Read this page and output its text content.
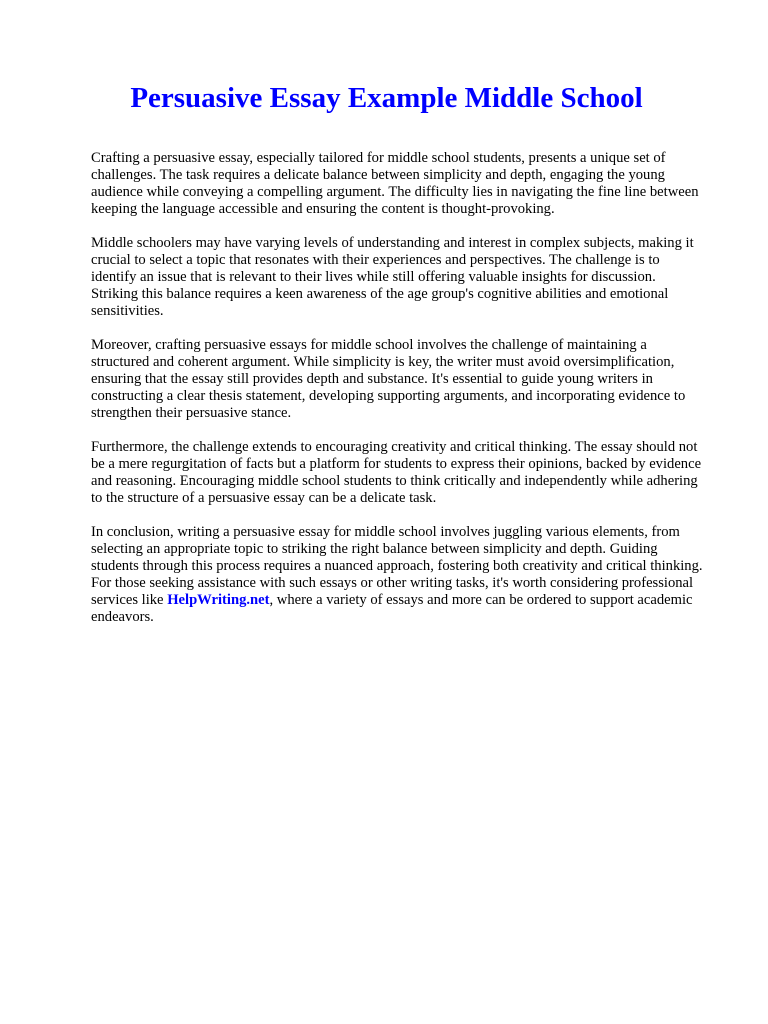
Persuasive Essay Example Middle School

Crafting a persuasive essay, especially tailored for middle school students, presents a unique set of challenges. The task requires a delicate balance between simplicity and depth, engaging the young audience while conveying a compelling argument. The difficulty lies in navigating the fine line between keeping the language accessible and ensuring the content is thought-provoking.

Middle schoolers may have varying levels of understanding and interest in complex subjects, making it crucial to select a topic that resonates with their experiences and perspectives. The challenge is to identify an issue that is relevant to their lives while still offering valuable insights for discussion. Striking this balance requires a keen awareness of the age group's cognitive abilities and emotional sensitivities.

Moreover, crafting persuasive essays for middle school involves the challenge of maintaining a structured and coherent argument. While simplicity is key, the writer must avoid oversimplification, ensuring that the essay still provides depth and substance. It's essential to guide young writers in constructing a clear thesis statement, developing supporting arguments, and incorporating evidence to strengthen their persuasive stance.

Furthermore, the challenge extends to encouraging creativity and critical thinking. The essay should not be a mere regurgitation of facts but a platform for students to express their opinions, backed by evidence and reasoning. Encouraging middle school students to think critically and independently while adhering to the structure of a persuasive essay can be a delicate task.

In conclusion, writing a persuasive essay for middle school involves juggling various elements, from selecting an appropriate topic to striking the right balance between simplicity and depth. Guiding students through this process requires a nuanced approach, fostering both creativity and critical thinking. For those seeking assistance with such essays or other writing tasks, it's worth considering professional services like HelpWriting.net, where a variety of essays and more can be ordered to support academic endeavors.
